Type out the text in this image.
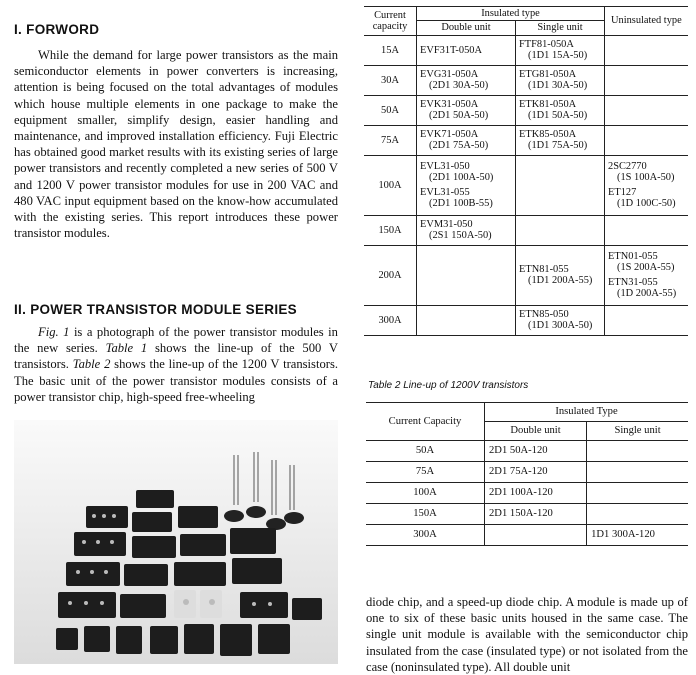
I. FORWORD

While the demand for large power transistors as the main semiconductor elements in power converters is increasing, attention is being focused on the total advantages of modules which house multiple elements in one package to make the equipment smaller, simplify design, easier handling and maintenance, and improved installation efficiency. Fuji Electric has obtained good market results with its existing series of large power transistors and recently completed a new series of 500 V and 1200 V power transistor modules for use in 200 VAC and 480 VAC input equipment based on the know-how accumulated with the existing series. This report introduces these power transistor modules.

II. POWER TRANSISTOR MODULE SERIES

Fig. 1 is a photograph of the power transistor modules in the new series. Table 1 shows the line-up of the 500 V transistors. Table 2 shows the line-up of the 1200 V transistors. The basic unit of the power transistor modules consists of a power transistor chip, high-speed free-wheeling

Current capacity	Insulated type		Uninsulated type
	Double unit	Single unit	
15A	EVF31T-050A	FTF81-050A
(1D1 15A-50)	

30A	EVG31-050A
(2D1 30A-50)	ETG81-050A
(1D1 30A-50)	

50A	EVK31-050A
(2D1 50A-50)	ETK81-050A
(1D1 50A-50)	

75A	EVK71-050A
(2D1 75A-50)	ETK85-050A
(1D1 75A-50)	

100A	EVL31-050
(2D1 100A-50)
EVL31-055
(2D1 100B-55)		2SC2770
(1S 100A-50)
ET127
(1D 100C-50)

150A	EVM31-050
(2S1 150A-50)		

200A		ETN81-055
(1D1 200A-55)	ETN01-055
(1S 200A-55)
ETN31-055
(1D 200A-55)

300A		ETN85-050
(1D1 300A-50)	

Table 2 Line-up of 1200V transistors
Current Capacity	Insulated Type	
	Double unit	Single unit
50A	2D1 50A-120	
75A	2D1 75A-120	
100A	2D1 100A-120	
150A	2D1 150A-120	
300A		1D1 300A-120

diode chip, and a speed-up diode chip. A module is made up of one to six of these basic units housed in the same case. The single unit module is available with the semiconductor chip insulated from the case (insulated type) or not isolated from the case (noninsulated type). All double unit
